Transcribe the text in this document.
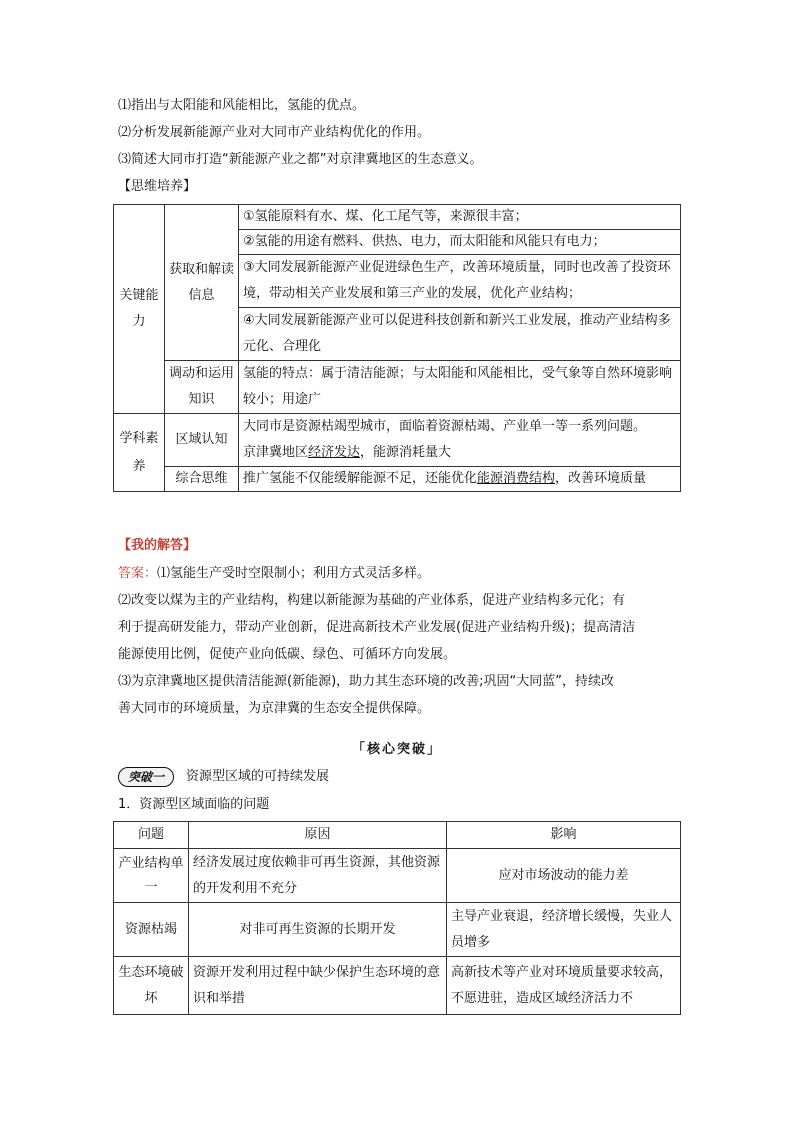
⑴指出与太阳能和风能相比，氢能的优点。
⑵分析发展新能源产业对大同市产业结构优化的作用。
⑶简述大同市打造“新能源产业之都”对京津冀地区的生态意义。
【思维培养】
关键能力	获取和解读信息	①氢能原料有水、煤、化工尾气等，来源很丰富；
		②氢能的用途有燃料、供热、电力，而太阳能和风能只有电力；
		③大同发展新能源产业促进绿色生产，改善环境质量，同时也改善了投资环境，带动相关产业发展和第三产业的发展，优化产业结构；

		④大同发展新能源产业可以促进科技创新和新兴工业发展，推动产业结构多元化、合理化

	调动和运用知识	氢能的特点：属于清洁能源；与太阳能和风能相比，受气象等自然环境影响较小；用途广

学科素养	区域认知	大同市是资源枯竭型城市，面临着资源枯竭、产业单一等一系列问题。
京津冀地区经济发达，能源消耗量大

	综合思维	推广氢能不仅能缓解能源不足，还能优化能源消费结构，改善环境质量
【我的解答】
答案：⑴氢能生产受时空限制小；利用方式灵活多样。
⑵改变以煤为主的产业结构，构建以新能源为基础的产业体系，促进产业结构多元化；有
利于提高研发能力，带动产业创新，促进高新技术产业发展(促进产业结构升级)；提高清洁
能源使用比例，促使产业向低碳、绿色、可循环方向发展。
⑶为京津冀地区提供清洁能源(新能源)，助力其生态环境的改善;巩固“大同蓝”，持续改
善大同市的环境质量，为京津冀的生态安全提供保障。
「核心突破」
突破一	资源型区域的可持续发展
1．资源型区域面临的问题
问题	原因	影响
产业结构单一	经济发展过度依赖非可再生资源，其他资源的开发利用不充分	应对市场波动的能力差
资源枯竭	对非可再生资源的长期开发	主导产业衰退，经济增长缓慢，失业人员增多
生态环境破坏	资源开发利用过程中缺少保护生态环境的意识和举措	高新技术等产业对环境质量要求较高，不愿进驻，造成区域经济活力不
